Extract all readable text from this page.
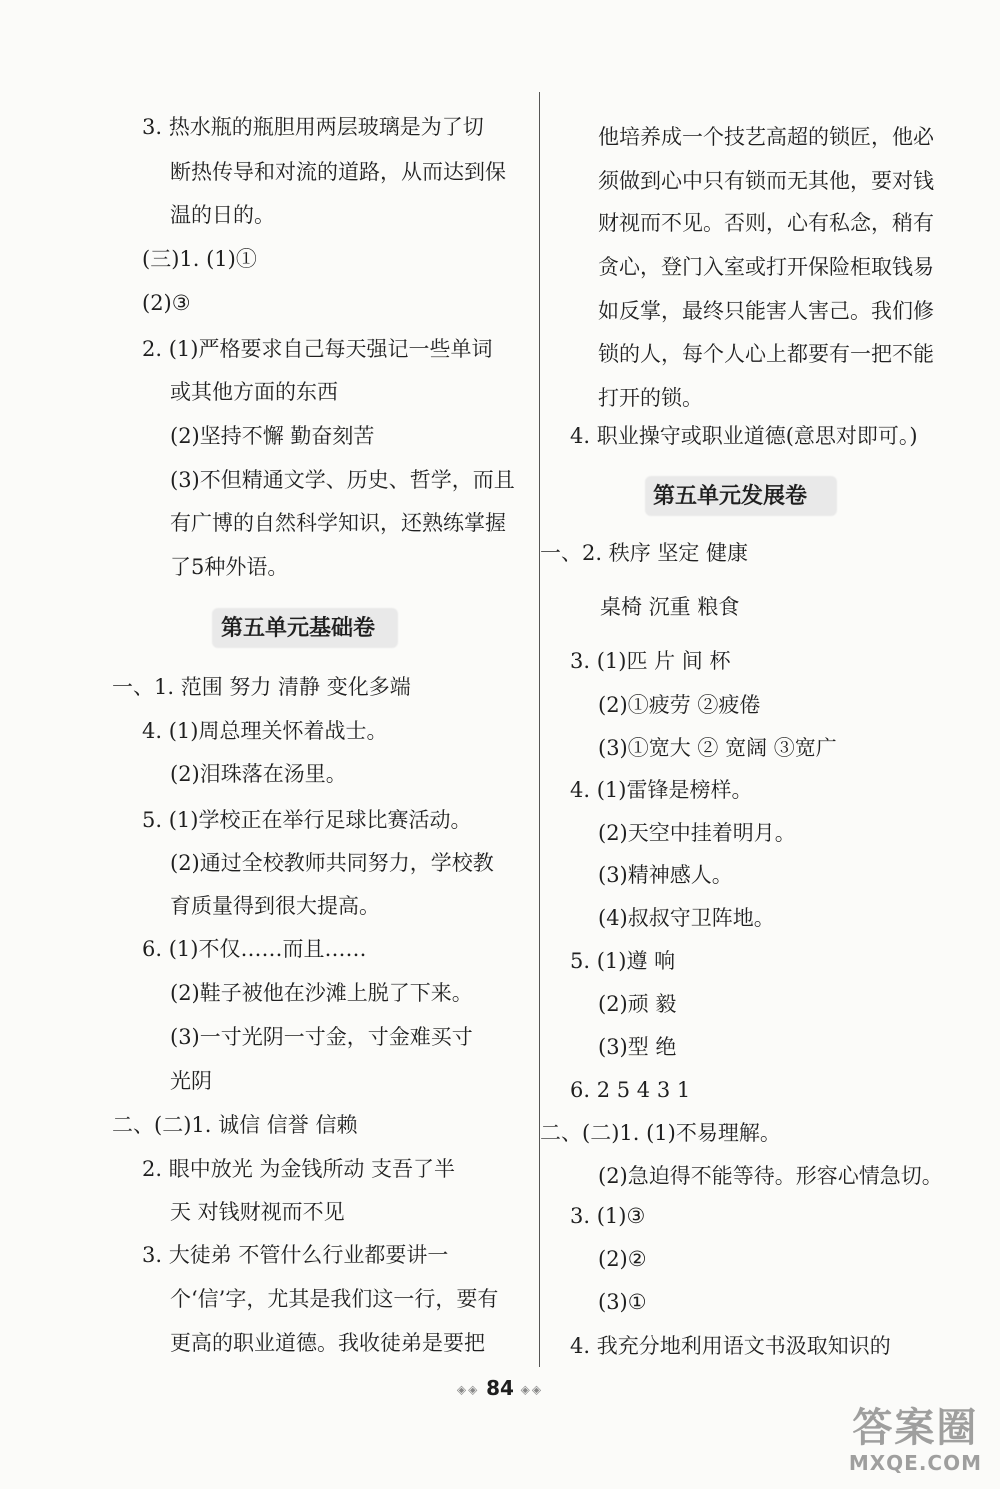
3. 热水瓶的瓶胆用两层玻璃是为了切
断热传导和对流的道路，从而达到保
温的日的。
(三)1. (1)①
(2)③
2. (1)严格要求自己每天强记一些单词
或其他方面的东西
(2)坚持不懈 勤奋刻苦
(3)不但精通文学、历史、哲学，而且
有广博的自然科学知识，还熟练掌握
了5种外语。
第五单元基础卷
一、1. 范围 努力 清静 变化多端
4. (1)周总理关怀着战士。
(2)泪珠落在汤里。
5. (1)学校正在举行足球比赛活动。
(2)通过全校教师共同努力，学校教
育质量得到很大提高。
6. (1)不仅……而且……
(2)鞋子被他在沙滩上脱了下来。
(3)一寸光阴一寸金，寸金难买寸
光阴
二、(二)1. 诚信 信誉 信赖
2. 眼中放光 为金钱所动 支吾了半
天 对钱财视而不见
3. 大徒弟 不管什么行业都要讲一
个‘信’字，尤其是我们这一行，要有
更高的职业道德。我收徒弟是要把
他培养成一个技艺高超的锁匠，他必
须做到心中只有锁而无其他，要对钱
财视而不见。否则，心有私念，稍有
贪心，登门入室或打开保险柜取钱易
如反掌，最终只能害人害己。我们修
锁的人，每个人心上都要有一把不能
打开的锁。
4. 职业操守或职业道德(意思对即可。)
第五单元发展卷
一、2. 秩序 坚定 健康
桌椅 沉重 粮食
3. (1)匹 片 间 杯
(2)①疲劳 ②疲倦
(3)①宽大 ② 宽阔 ③宽广
4. (1)雷锋是榜样。
(2)天空中挂着明月。
(3)精神感人。
(4)叔叔守卫阵地。
5. (1)遵 响
(2)顽 毅
(3)型 绝
6. 2 5 4 3 1
二、(二)1. (1)不易理解。
(2)急迫得不能等待。形容心情急切。
3. (1)③
(2)②
(3)①
4. 我充分地利用语文书汲取知识的
◈◈ 84 ◈◈
答案圈
MXQE.COM
